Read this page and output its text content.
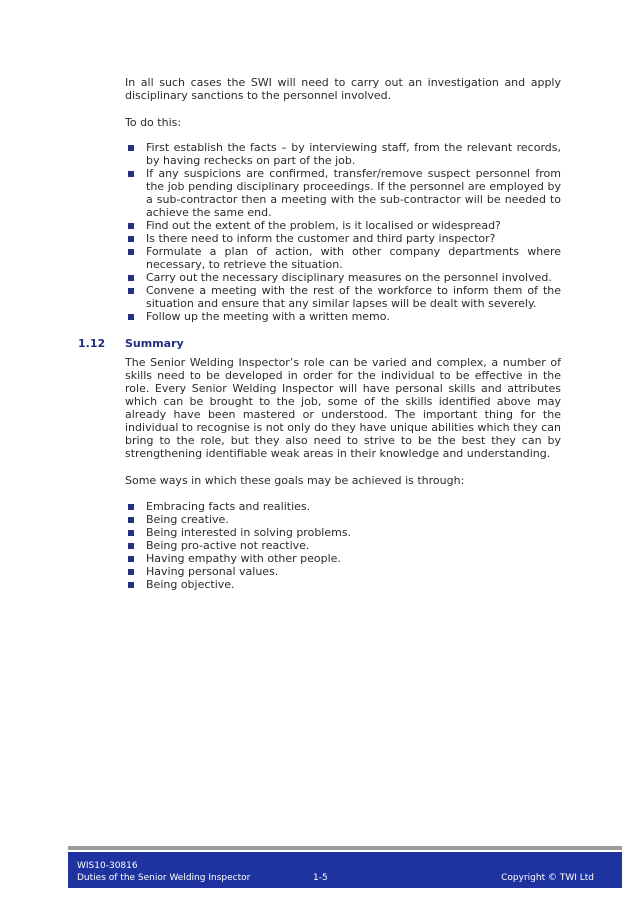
In all such cases the SWI will need to carry out an investigation and apply disciplinary sanctions to the personnel involved.

To do this:

First establish the facts – by interviewing staff, from the relevant records, by having rechecks on part of the job.
If any suspicions are confirmed, transfer/remove suspect personnel from the job pending disciplinary proceedings. If the personnel are employed by a sub-contractor then a meeting with the sub-contractor will be needed to achieve the same end.
Find out the extent of the problem, is it localised or widespread?
Is there need to inform the customer and third party inspector?
Formulate a plan of action, with other company departments where necessary, to retrieve the situation.
Carry out the necessary disciplinary measures on the personnel involved.
Convene a meeting with the rest of the workforce to inform them of the situation and ensure that any similar lapses will be dealt with severely.
Follow up the meeting with a written memo.
1.12 Summary

The Senior Welding Inspector’s role can be varied and complex, a number of skills need to be developed in order for the individual to be effective in the role. Every Senior Welding Inspector will have personal skills and attributes which can be brought to the job, some of the skills identified above may already have been mastered or understood. The important thing for the individual to recognise is not only do they have unique abilities which they can bring to the role, but they also need to strive to be the best they can by strengthening identifiable weak areas in their knowledge and understanding.

Some ways in which these goals may be achieved is through:

Embracing facts and realities.
Being creative.
Being interested in solving problems.
Being pro-active not reactive.
Having empathy with other people.
Having personal values.
Being objective.
WIS10-30816
Duties of the Senior Welding Inspector	1-5	Copyright © TWI Ltd
